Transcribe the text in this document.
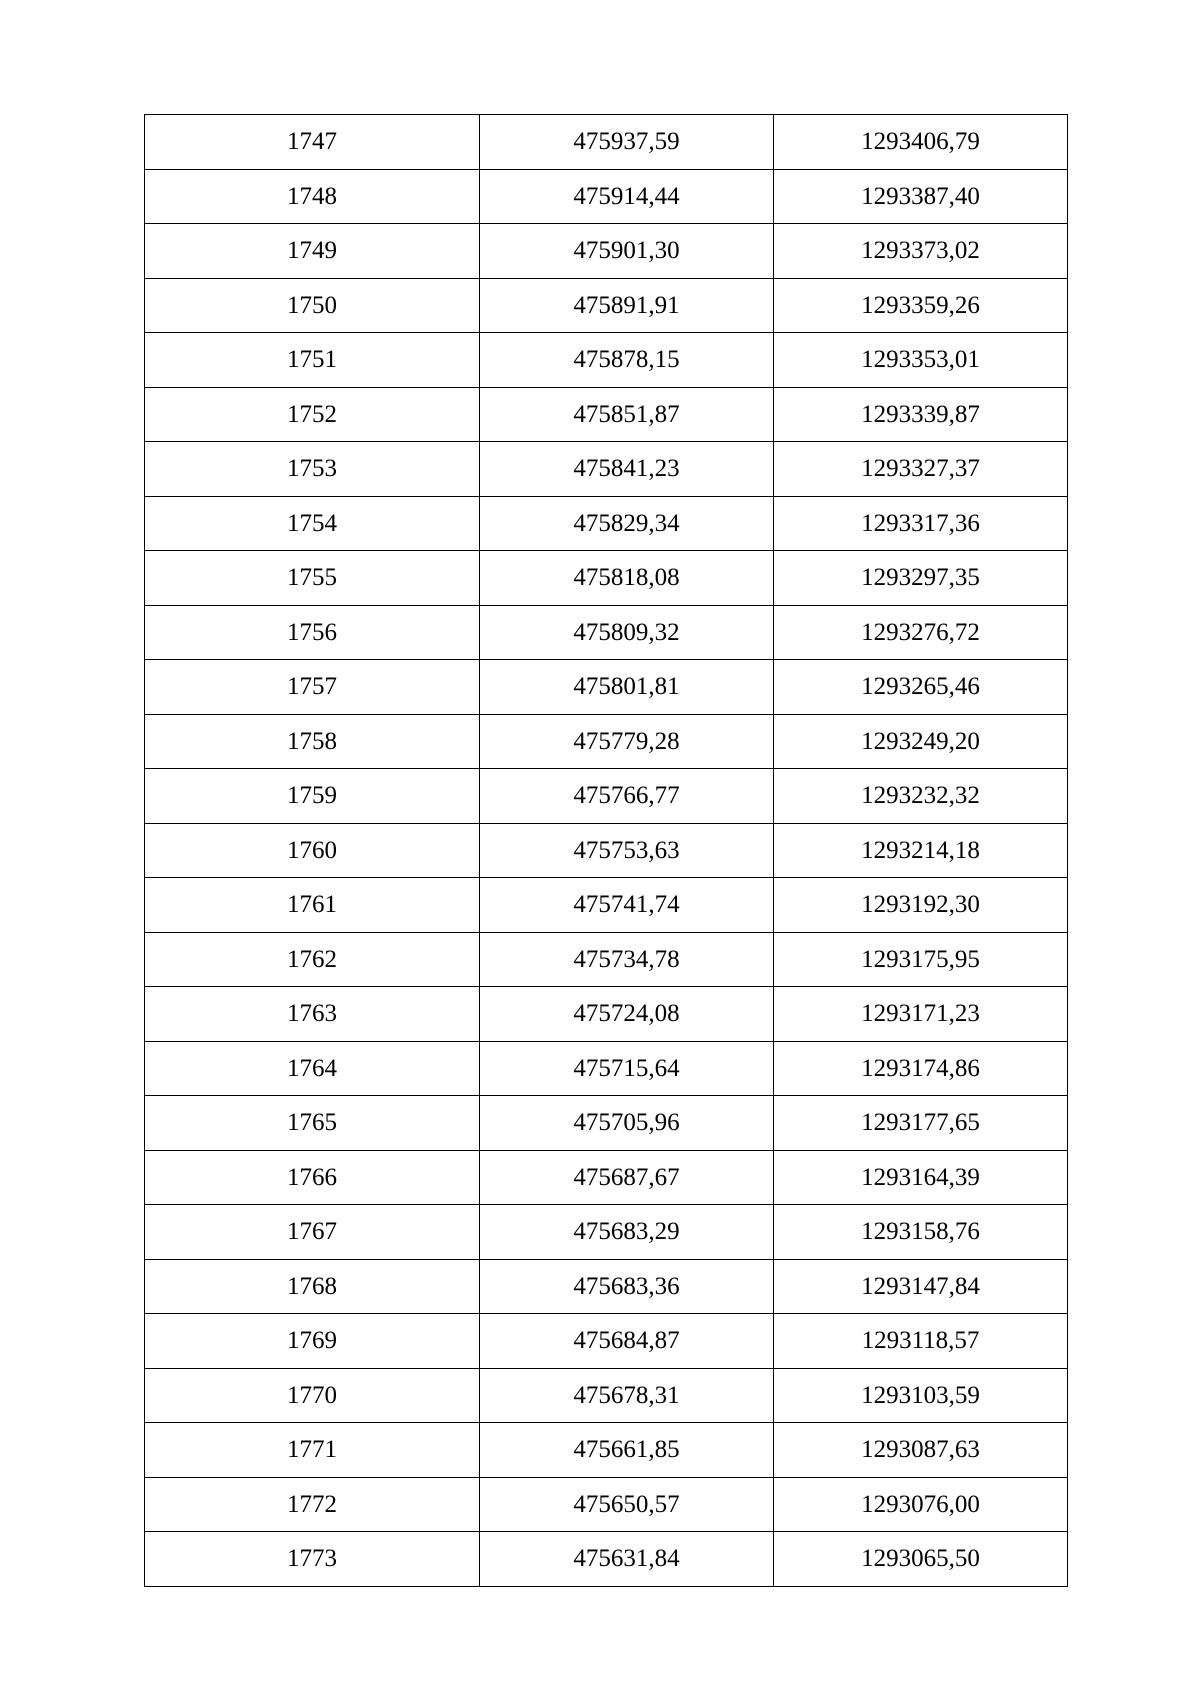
1747	475937,59	1293406,79
1748	475914,44	1293387,40
1749	475901,30	1293373,02
1750	475891,91	1293359,26
1751	475878,15	1293353,01
1752	475851,87	1293339,87
1753	475841,23	1293327,37
1754	475829,34	1293317,36
1755	475818,08	1293297,35
1756	475809,32	1293276,72
1757	475801,81	1293265,46
1758	475779,28	1293249,20
1759	475766,77	1293232,32
1760	475753,63	1293214,18
1761	475741,74	1293192,30
1762	475734,78	1293175,95
1763	475724,08	1293171,23
1764	475715,64	1293174,86
1765	475705,96	1293177,65
1766	475687,67	1293164,39
1767	475683,29	1293158,76
1768	475683,36	1293147,84
1769	475684,87	1293118,57
1770	475678,31	1293103,59
1771	475661,85	1293087,63
1772	475650,57	1293076,00
1773	475631,84	1293065,50
